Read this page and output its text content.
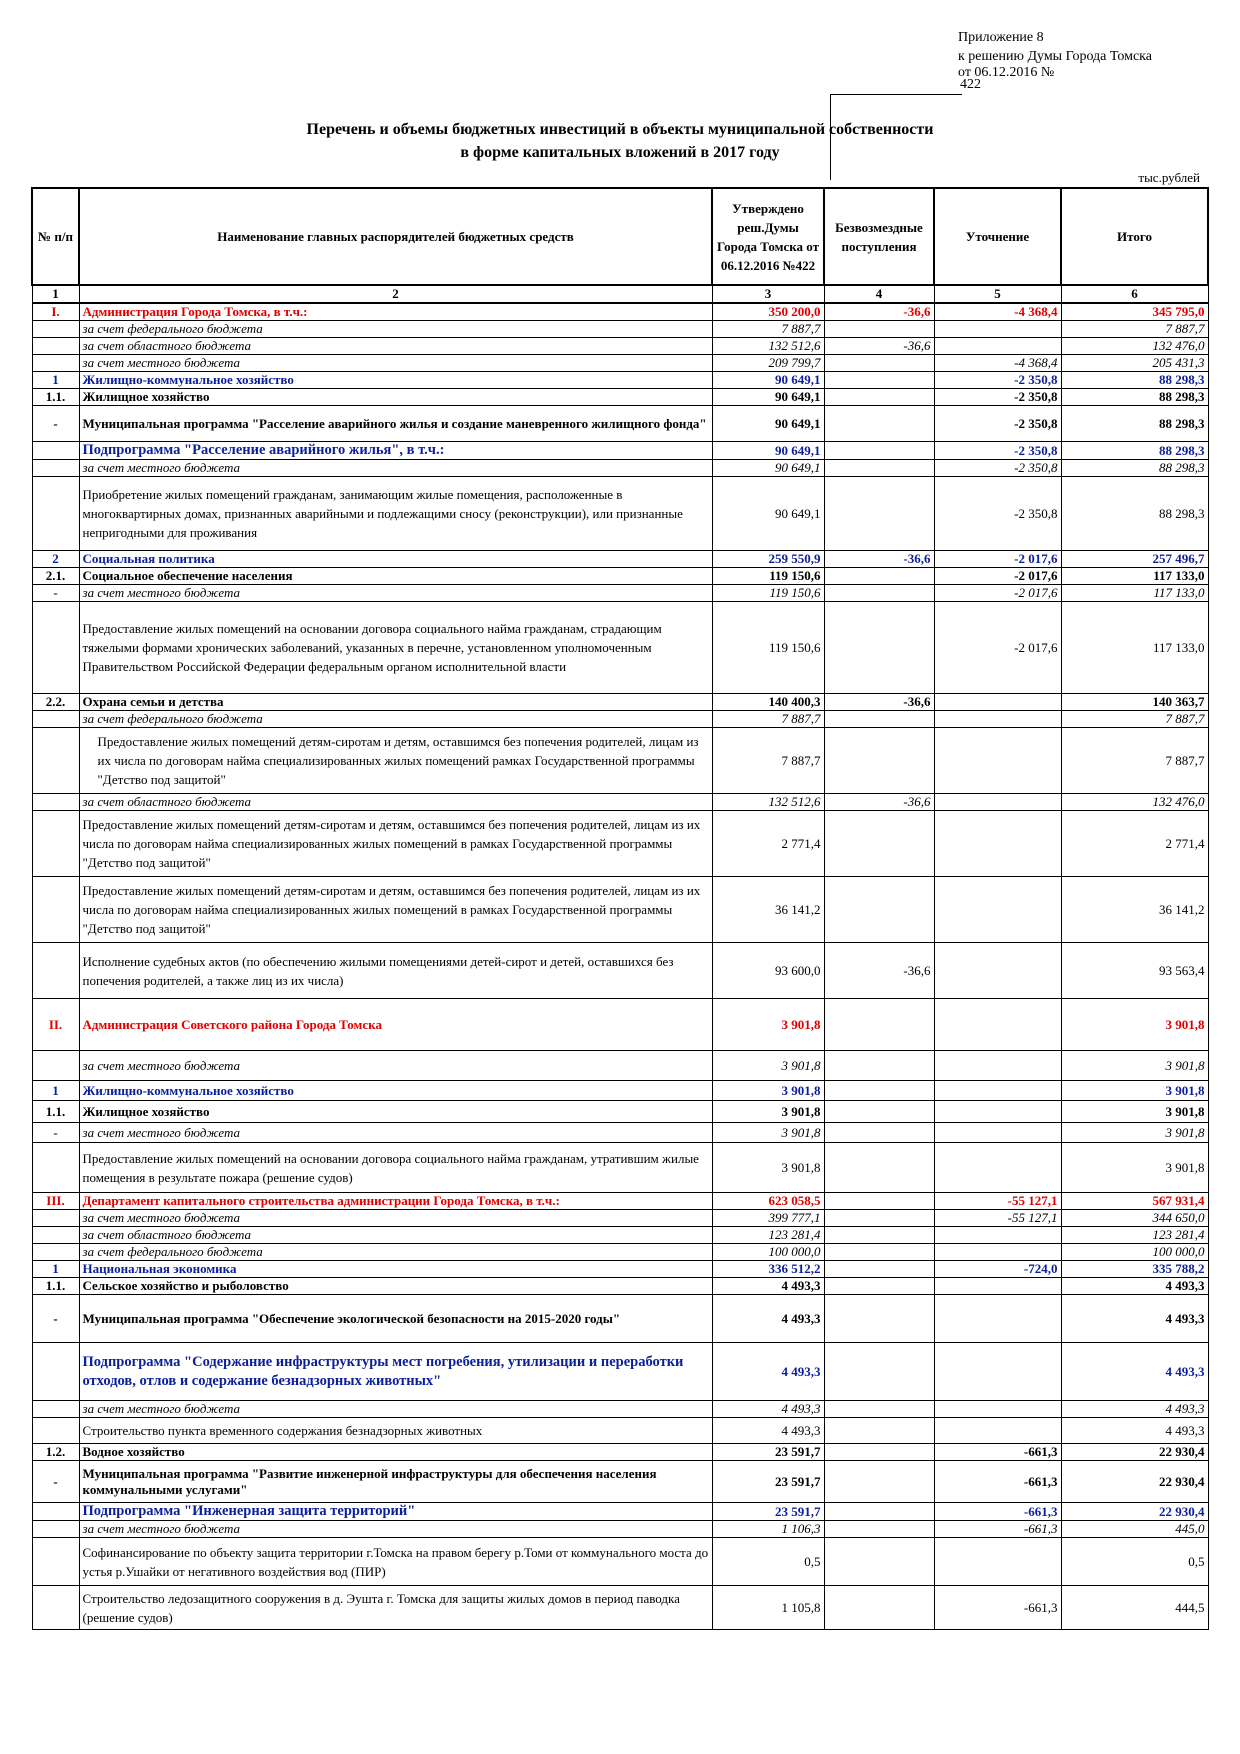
Приложение 8
к решению Думы Города Томска
от 06.12.2016 №
422
Перечень и объемы бюджетных инвестиций в объекты муниципальной собственности
в форме капитальных вложений в 2017 году
тыс.рублей
№ п/п	Наименование главных распорядителей бюджетных средств	Утверждено реш.Думы Города Томска от 06.12.2016 №422	Безвозмездные поступления	Уточнение	Итого
1	2	3	4	5	6
I.	Администрация Города Томска, в т.ч.:	350 200,0	-36,6	-4 368,4	345 795,0
	за счет федерального бюджета	7 887,7			7 887,7
	за счет областного бюджета	132 512,6	-36,6		132 476,0
	за счет местного бюджета	209 799,7		-4 368,4	205 431,3
1	Жилищно-коммунальное хозяйство	90 649,1		-2 350,8	88 298,3
1.1.	Жилищное хозяйство	90 649,1		-2 350,8	88 298,3
-	Муниципальная программа "Расселение аварийного жилья и создание маневренного жилищного фонда"	90 649,1		-2 350,8	88 298,3
	Подпрограмма "Расселение аварийного жилья", в т.ч.:	90 649,1		-2 350,8	88 298,3
	за счет местного бюджета	90 649,1		-2 350,8	88 298,3
	Приобретение жилых помещений гражданам, занимающим жилые помещения, расположенные в многоквартирных домах, признанных аварийными и подлежащими сносу (реконструкции), или признанные непригодными для проживания	90 649,1		-2 350,8	88 298,3
2	Социальная политика	259 550,9	-36,6	-2 017,6	257 496,7
2.1.	Социальное обеспечение населения	119 150,6		-2 017,6	117 133,0
-	за счет местного бюджета	119 150,6		-2 017,6	117 133,0
	Предоставление жилых помещений на основании договора социального найма гражданам, страдающим тяжелыми формами хронических заболеваний, указанных в перечне, установленном уполномоченным Правительством Российской Федерации федеральным органом исполнительной власти	119 150,6		-2 017,6	117 133,0
2.2.	Охрана семьи и детства	140 400,3	-36,6		140 363,7
	за счет федерального бюджета	7 887,7			7 887,7
	Предоставление жилых помещений детям-сиротам и детям, оставшимся без попечения родителей, лицам из их числа по договорам найма специализированных жилых помещений рамках Государственной программы "Детство под защитой"	7 887,7			7 887,7
	за счет областного бюджета	132 512,6	-36,6		132 476,0
	Предоставление жилых помещений детям-сиротам и детям, оставшимся без попечения родителей, лицам из их числа по договорам найма специализированных жилых помещений в рамках Государственной программы "Детство под защитой"	2 771,4			2 771,4
	Предоставление жилых помещений детям-сиротам и детям, оставшимся без попечения родителей, лицам из их числа по договорам найма специализированных жилых помещений в рамках Государственной программы "Детство под защитой"	36 141,2			36 141,2
	Исполнение судебных актов (по обеспечению жилыми помещениями детей-сирот и детей, оставшихся без попечения родителей, а также лиц из их числа)	93 600,0	-36,6		93 563,4
II.	Администрация Советского района Города Томска	3 901,8			3 901,8
	за счет местного бюджета	3 901,8			3 901,8
1	Жилищно-коммунальное хозяйство	3 901,8			3 901,8
1.1.	Жилищное хозяйство	3 901,8			3 901,8
-	за счет местного бюджета	3 901,8			3 901,8
	Предоставление жилых помещений на основании договора социального найма гражданам, утратившим жилые помещения в результате пожара (решение судов)	3 901,8			3 901,8
III.	Департамент капитального строительства администрации Города Томска, в т.ч.:	623 058,5		-55 127,1	567 931,4
	за счет местного бюджета	399 777,1		-55 127,1	344 650,0
	за счет областного бюджета	123 281,4			123 281,4
	за счет федерального бюджета	100 000,0			100 000,0
1	Национальная экономика	336 512,2		-724,0	335 788,2
1.1.	Сельское хозяйство и рыболовство	4 493,3			4 493,3
-	Муниципальная программа "Обеспечение экологической безопасности на 2015-2020 годы"	4 493,3			4 493,3
	Подпрограмма "Содержание инфраструктуры мест погребения, утилизации и переработки отходов, отлов и содержание безнадзорных животных"	4 493,3			4 493,3
	за счет местного бюджета	4 493,3			4 493,3
	Строительство пункта временного содержания безнадзорных животных	4 493,3			4 493,3
1.2.	Водное хозяйство	23 591,7		-661,3	22 930,4
-	Муниципальная программа "Развитие инженерной инфраструктуры для обеспечения населения коммунальными услугами"	23 591,7		-661,3	22 930,4
	Подпрограмма "Инженерная защита территорий"	23 591,7		-661,3	22 930,4
	за счет местного бюджета	1 106,3		-661,3	445,0
	Софинансирование по объекту защита территории г.Томска на правом берегу р.Томи от коммунального моста до устья р.Ушайки от негативного воздействия вод (ПИР)	0,5			0,5
	Строительство ледозащитного сооружения в д. Эушта г. Томска для защиты жилых домов в период паводка (решение судов)	1 105,8		-661,3	444,5
